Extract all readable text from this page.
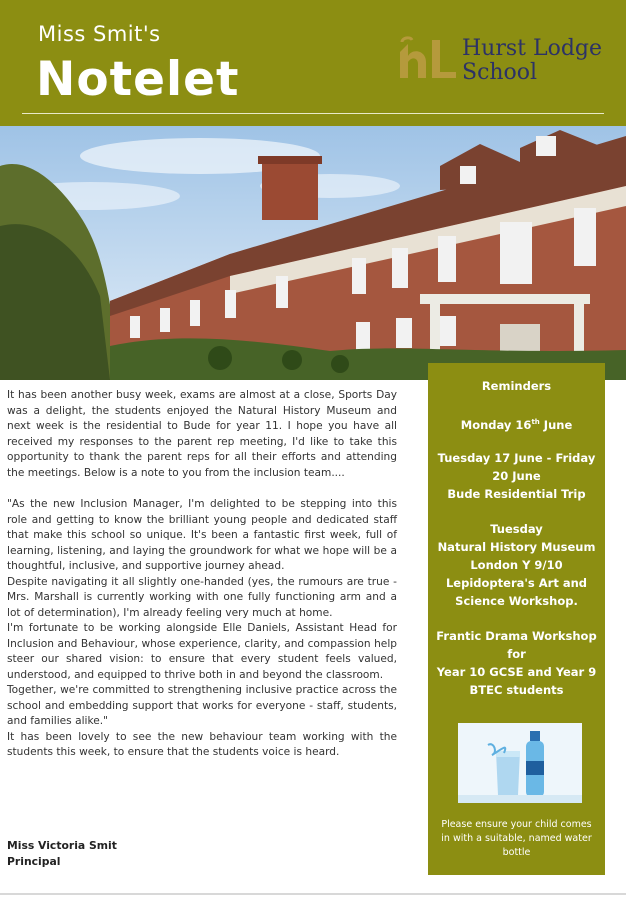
Miss Smit's
Notelet
Hurst Lodge
School

It has been another busy week, exams are almost at a close, Sports Day was a delight, the students enjoyed the Natural History Museum and next week is the residential to Bude for year 11. I hope you have all received my responses to the parent rep meeting, I'd like to take this opportunity to thank the parent reps for all their efforts and attending the meetings. Below is a note to you from the inclusion team....

"As the new Inclusion Manager, I'm delighted to be stepping into this role and getting to know the brilliant young people and dedicated staff that make this school so unique. It's been a fantastic first week, full of learning, listening, and laying the groundwork for what we hope will be a thoughtful, inclusive, and supportive journey ahead.

Despite navigating it all slightly one-handed (yes, the rumours are true - Mrs. Marshall is currently working with one fully functioning arm and a lot of determination), I'm already feeling very much at home.

I'm fortunate to be working alongside Elle Daniels, Assistant Head for Inclusion and Behaviour, whose experience, clarity, and compassion help steer our shared vision: to ensure that every student feels valued, understood, and equipped to thrive both in and beyond the classroom.

Together, we're committed to strengthening inclusive practice across the school and embedding support that works for everyone - staff, students, and families alike."

It has been lovely to see the new behaviour team working with the students this week, to ensure that the students voice is heard.

Miss Victoria Smit
Principal
Reminders
Monday 16th June
Tuesday 17 June - Friday 20 June
Bude Residential Trip
Tuesday
Natural History Museum
London Y 9/10
Lepidoptera's Art and Science Workshop.
Frantic Drama Workshop for
Year 10 GCSE and Year 9 BTEC students
Please ensure your child comes in with a suitable, named water bottle
